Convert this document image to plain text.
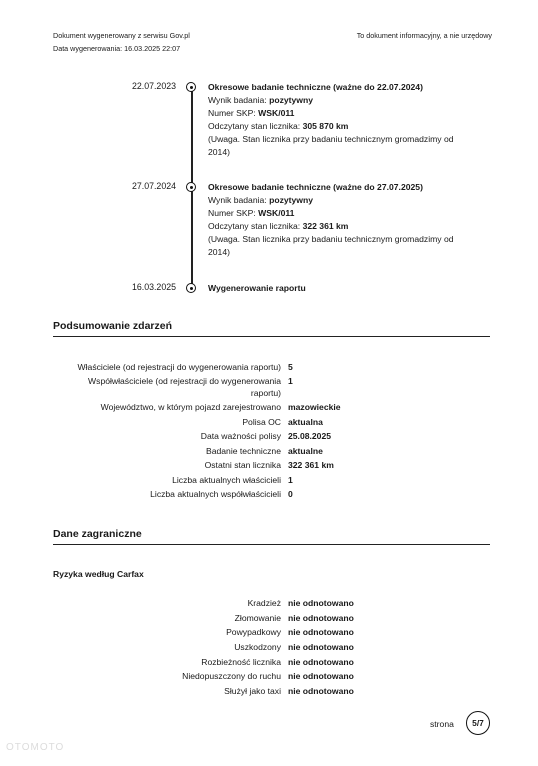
Dokument wygenerowany z serwisu Gov.pl
Data wygenerowania: 16.03.2025 22:07
To dokument informacyjny, a nie urzędowy
22.07.2023	Okresowe badanie techniczne (ważne do 22.07.2024)
Wynik badania: pozytywny
Numer SKP: WSK/011
Odczytany stan licznika: 305 870 km
(Uwaga. Stan licznika przy badaniu technicznym gromadzimy od 2014)
27.07.2024	Okresowe badanie techniczne (ważne do 27.07.2025)
Wynik badania: pozytywny
Numer SKP: WSK/011
Odczytany stan licznika: 322 361 km
(Uwaga. Stan licznika przy badaniu technicznym gromadzimy od 2014)
16.03.2025	Wygenerowanie raportu
Podsumowanie zdarzeń
Właściciele (od rejestracji do wygenerowania raportu) 5
Współwłaściciele (od rejestracji do wygenerowania raportu)
1
Województwo, w którym pojazd zarejestrowano mazowieckie
Polisa OC aktualna
Data ważności polisy 25.08.2025
Badanie techniczne aktualne
Ostatni stan licznika 322 361 km
Liczba aktualnych właścicieli 1
Liczba aktualnych współwłaścicieli 0
Dane zagraniczne
Ryzyka według Carfax
Kradzież nie odnotowano
Złomowanie nie odnotowano
Powypadkowy nie odnotowano
Uszkodzony nie odnotowano
Rozbieżność licznika nie odnotowano
Niedopuszczony do ruchu nie odnotowano
Służył jako taxi nie odnotowano
strona	5/7
OTOMOTO
